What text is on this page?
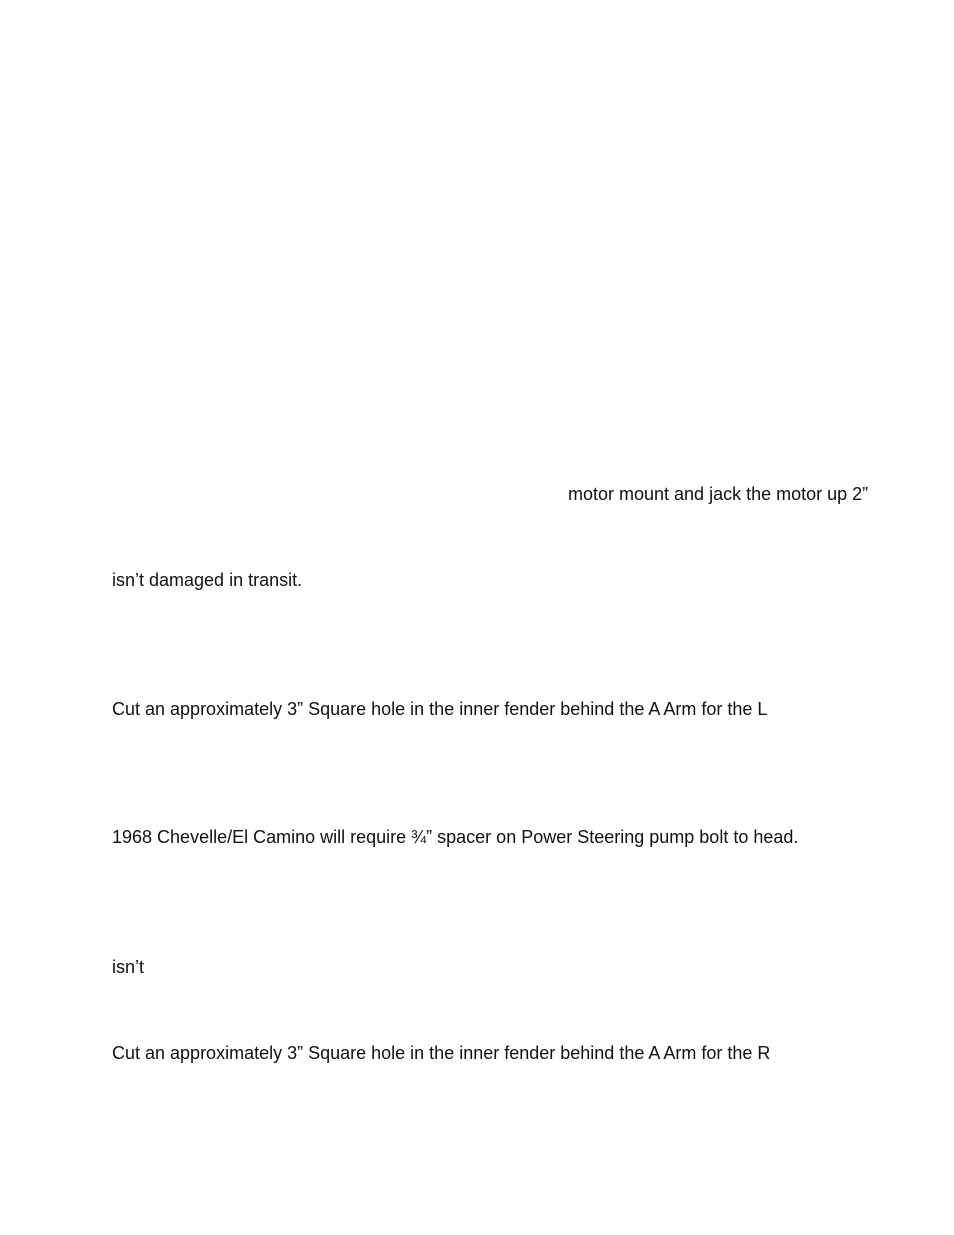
motor mount and jack the motor up 2”

isn’t damaged in transit.

Cut an approximately 3” Square hole in the inner fender behind the A Arm for the L

1968 Chevelle/El Camino will require ¾” spacer on Power Steering pump bolt to head.

isn’t

Cut an approximately 3” Square hole in the inner fender behind the A Arm for the R
